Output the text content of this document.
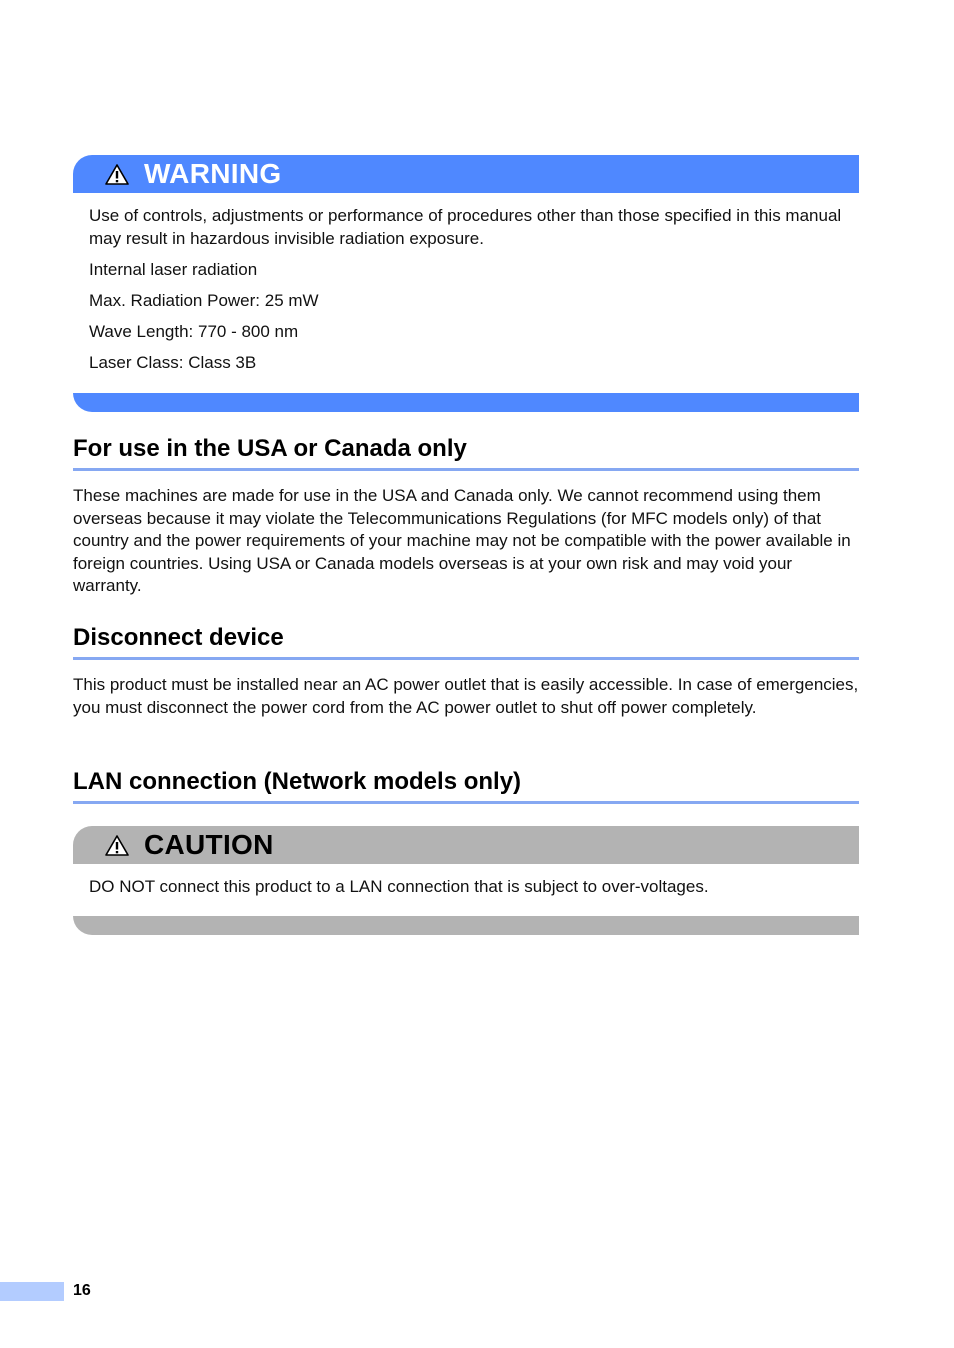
WARNING

Use of controls, adjustments or performance of procedures other than those specified in this manual may result in hazardous invisible radiation exposure.

Internal laser radiation

Max. Radiation Power: 25 mW

Wave Length: 770 - 800 nm

Laser Class: Class 3B

For use in the USA or Canada only

These machines are made for use in the USA and Canada only. We cannot recommend using them overseas because it may violate the Telecommunications Regulations (for MFC models only) of that country and the power requirements of your machine may not be compatible with the power available in foreign countries. Using USA or Canada models overseas is at your own risk and may void your warranty.

Disconnect device

This product must be installed near an AC power outlet that is easily accessible. In case of emergencies, you must disconnect the power cord from the AC power outlet to shut off power completely.

LAN connection (Network models only)
CAUTION

DO NOT connect this product to a LAN connection that is subject to over-voltages.

16
